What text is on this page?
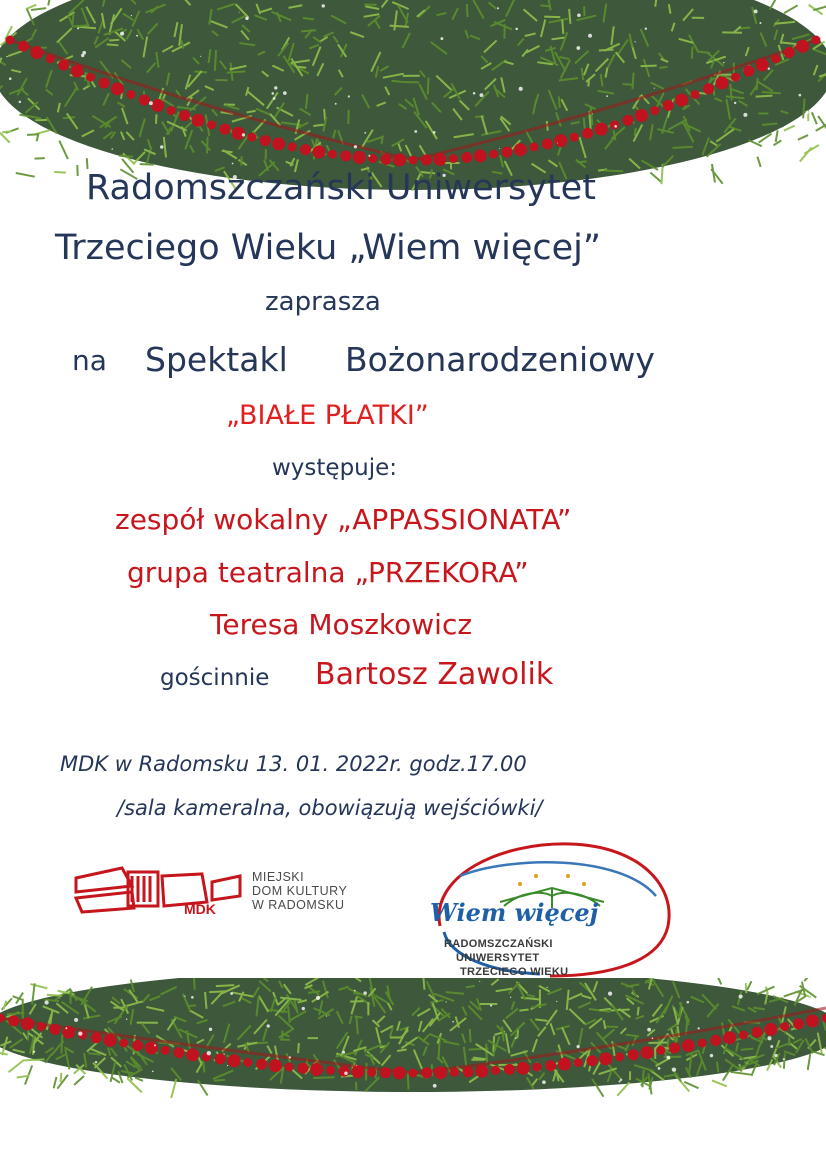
Radomszczański Uniwersytet
Trzeciego Wieku „Wiem więcej”
zaprasza
na Spektakl Bożonarodzeniowy
„BIAŁE PŁATKI”
występuje:
zespół wokalny „APPASSIONATA”
grupa teatralna „PRZEKORA”
Teresa Moszkowicz
gościnnie Bartosz Zawolik
MDK w Radomsku 13. 01. 2022r. godz.17.00
/sala kameralna, obowiązują wejściówki/
MDK
MIEJSKI
DOM KULTURY
W RADOMSKU	Wiem więcej
RADOMSZCZAŃSKI
UNIWERSYTET
TRZECIEGO WIEKU
